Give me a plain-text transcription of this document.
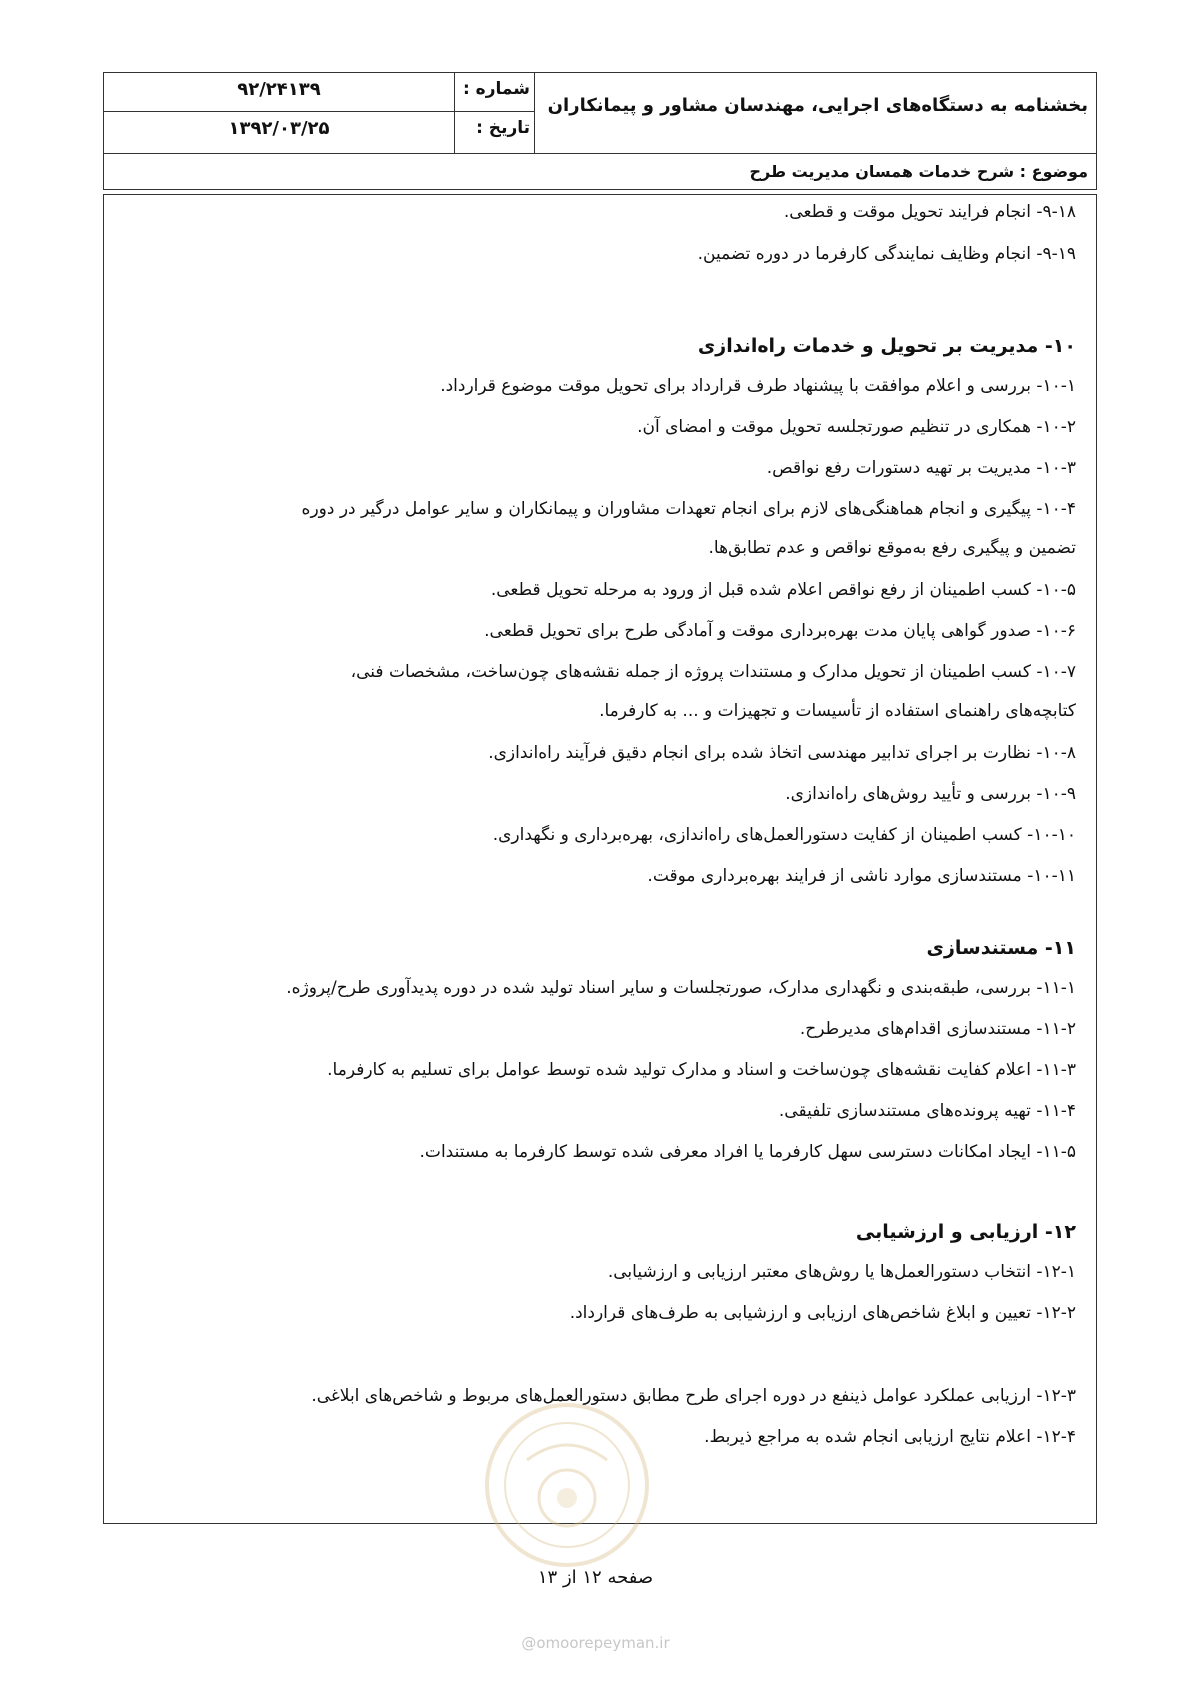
بخشنامه به دستگاه‌های اجرایی، مهندسان مشاور و پیمانکاران
شماره :
۹۲/۲۴۱۳۹
تاریخ :
۱۳۹۲/۰۳/۲۵
موضوع : شرح خدمات همسان مدیریت طرح
۹-۱۸- انجام فرایند تحویل موقت و قطعی.
۹-۱۹- انجام وظایف نمایندگی کارفرما در دوره تضمین.
۱۰- مدیریت بر تحویل و خدمات راه‌اندازی
۱۰-۱- بررسی و اعلام موافقت با پیشنهاد طرف قرارداد برای تحویل موقت موضوع قرارداد.
۱۰-۲- همکاری در تنظیم صورتجلسه تحویل موقت و امضای آن.
۱۰-۳- مدیریت بر تهیه دستورات رفع نواقص.
۱۰-۴- پیگیری و انجام هماهنگی‌های لازم برای انجام تعهدات مشاوران و پیمانکاران و سایر عوامل درگیر در دوره
تضمین و پیگیری رفع به‌موقع نواقص و عدم تطابق‌ها.
۱۰-۵- کسب اطمینان از رفع نواقص اعلام شده قبل از ورود به مرحله تحویل قطعی.
۱۰-۶- صدور گواهی پایان مدت بهره‌برداری موقت و آمادگی طرح برای تحویل قطعی.
۱۰-۷- کسب اطمینان از تحویل مدارک و مستندات پروژه از جمله نقشه‌های چون‌ساخت، مشخصات فنی،
کتابچه‌های راهنمای استفاده از تأسیسات و تجهیزات و ... به کارفرما.
۱۰-۸- نظارت بر اجرای تدابیر مهندسی اتخاذ شده برای انجام دقیق فرآیند راه‌اندازی.
۱۰-۹- بررسی و تأیید روش‌های راه‌اندازی.
۱۰-۱۰- کسب اطمینان از کفایت دستورالعمل‌های راه‌اندازی، بهره‌برداری و نگهداری.
۱۰-۱۱- مستندسازی موارد ناشی از فرایند بهره‌برداری موقت.
۱۱- مستندسازی
۱۱-۱- بررسی، طبقه‌بندی و نگهداری مدارک، صورتجلسات و سایر اسناد تولید شده در دوره پدیدآوری طرح/پروژه.
۱۱-۲- مستندسازی اقدام‌های مدیرطرح.
۱۱-۳- اعلام کفایت نقشه‌های چون‌ساخت و اسناد و مدارک تولید شده توسط عوامل برای تسلیم به کارفرما.
۱۱-۴- تهیه پرونده‌های مستندسازی تلفیقی.
۱۱-۵- ایجاد امکانات دسترسی سهل کارفرما یا افراد معرفی شده توسط کارفرما به مستندات.
۱۲- ارزیابی و ارزشیابی
۱۲-۱- انتخاب دستورالعمل‌ها یا روش‌های معتبر ارزیابی و ارزشیابی.
۱۲-۲- تعیین و ابلاغ شاخص‌های ارزیابی و ارزشیابی به طرف‌های قرارداد.
۱۲-۳- ارزیابی عملکرد عوامل ذینفع در دوره اجرای طرح مطابق دستورالعمل‌های مربوط و شاخص‌های ابلاغی.
۱۲-۴- اعلام نتایج ارزیابی انجام شده به مراجع ذیربط.
صفحه ۱۲ از ۱۳
@omoorepeyman.ir
